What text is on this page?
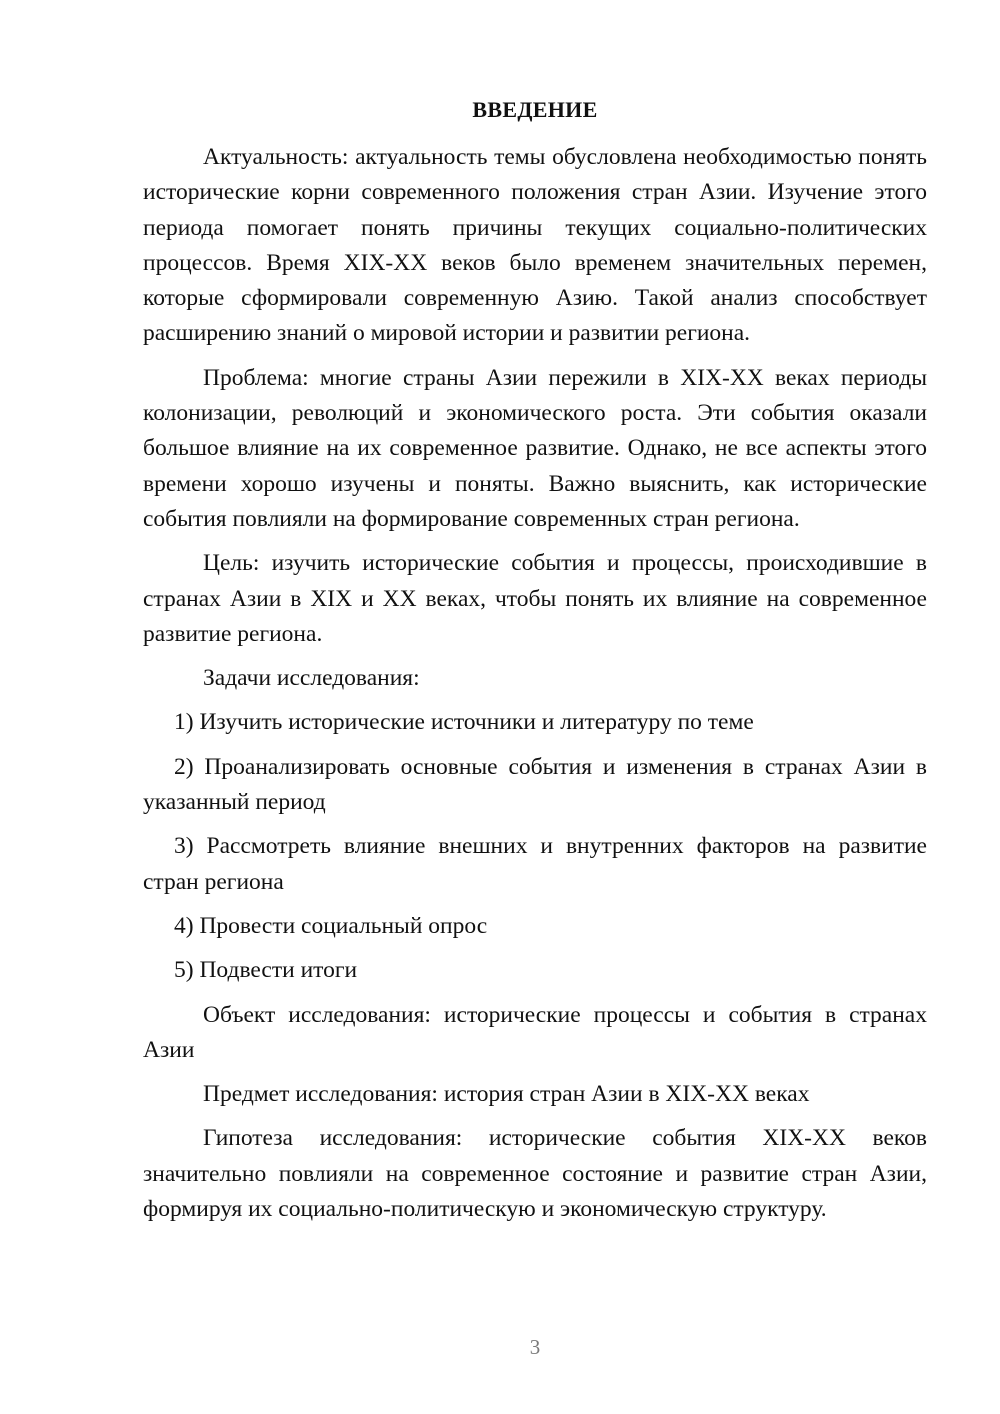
ВВЕДЕНИЕ

Актуальность: актуальность темы обусловлена необходимостью понять исторические корни современного положения стран Азии. Изучение этого периода помогает понять причины текущих социально-политических процессов. Время XIX-XX веков было временем значительных перемен, которые сформировали современную Азию. Такой анализ способствует расширению знаний о мировой истории и развитии региона.

Проблема: многие страны Азии пережили в XIX-XX веках периоды колонизации, революций и экономического роста. Эти события оказали большое влияние на их современное развитие. Однако, не все аспекты этого времени хорошо изучены и поняты. Важно выяснить, как исторические события повлияли на формирование современных стран региона.

Цель: изучить исторические события и процессы, происходившие в странах Азии в XIX и XX веках, чтобы понять их влияние на современное развитие региона.

Задачи исследования:

1) Изучить исторические источники и литературу по теме

2) Проанализировать основные события и изменения в странах Азии в указанный период

3) Рассмотреть влияние внешних и внутренних факторов на развитие стран региона

4) Провести социальный опрос

5) Подвести итоги

Объект исследования: исторические процессы и события в странах Азии

Предмет исследования: история стран Азии в XIX-XX веках

Гипотеза исследования: исторические события XIX-XX веков значительно повлияли на современное состояние и развитие стран Азии, формируя их социально-политическую и экономическую структуру.

3
